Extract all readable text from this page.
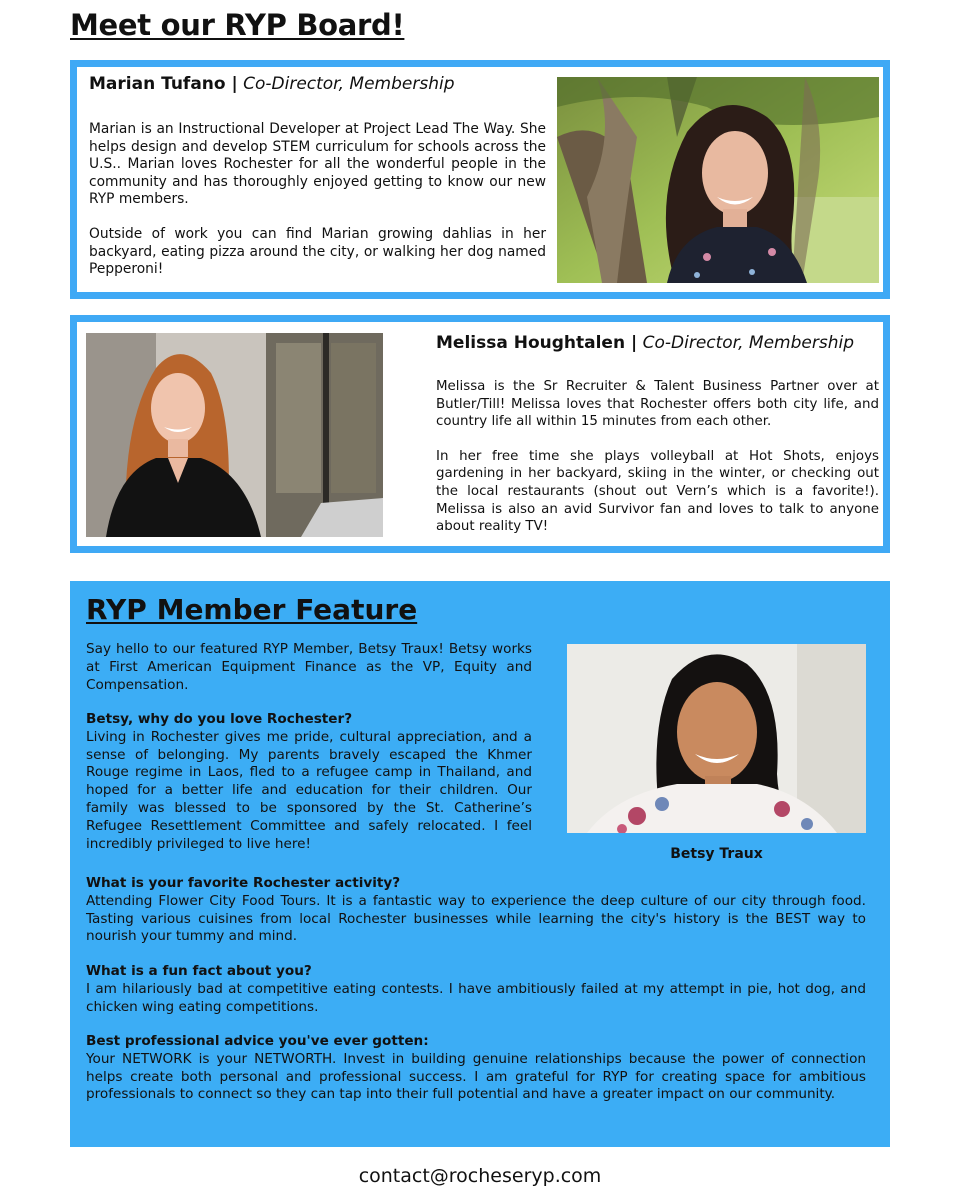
Meet our RYP Board!
Marian Tufano | Co-Director, Membership

Marian is an Instructional Developer at Project Lead The Way. She helps design and develop STEM curriculum for schools across the U.S.. Marian loves Rochester for all the wonderful people in the community and has thoroughly enjoyed getting to know our new RYP members.

Outside of work you can find Marian growing dahlias in her backyard, eating pizza around the city, or walking her dog named Pepperoni!

Melissa Houghtalen | Co-Director, Membership

Melissa is the Sr Recruiter & Talent Business Partner over at Butler/Till! Melissa loves that Rochester offers both city life, and country life all within 15 minutes from each other.

In her free time she plays volleyball at Hot Shots, enjoys gardening in her backyard, skiing in the winter, or checking out the local restaurants (shout out Vern’s which is a favorite!). Melissa is also an avid Survivor fan and loves to talk to anyone about reality TV!

RYP Member Feature

Say hello to our featured RYP Member, Betsy Traux! Betsy works at First American Equipment Finance as the VP, Equity and Compensation.

Betsy, why do you love Rochester?

Living in Rochester gives me pride, cultural appreciation, and a sense of belonging. My parents bravely escaped the Khmer Rouge regime in Laos, fled to a refugee camp in Thailand, and hoped for a better life and education for their children. Our family was blessed to be sponsored by the St. Catherine’s Refugee Resettlement Committee and safely relocated. I feel incredibly privileged to live here!

Betsy Traux

What is your favorite Rochester activity?

Attending Flower City Food Tours. It is a fantastic way to experience the deep culture of our city through food. Tasting various cuisines from local Rochester businesses while learning the city's history is the BEST way to nourish your tummy and mind.

What is a fun fact about you?

I am hilariously bad at competitive eating contests. I have ambitiously failed at my attempt in pie, hot dog, and chicken wing eating competitions.

Best professional advice you've ever gotten:

Your NETWORK is your NETWORTH. Invest in building genuine relationships because the power of connection helps create both personal and professional success. I am grateful for RYP for creating space for ambitious professionals to connect so they can tap into their full potential and have a greater impact on our community.

contact@rocheseryp.com
